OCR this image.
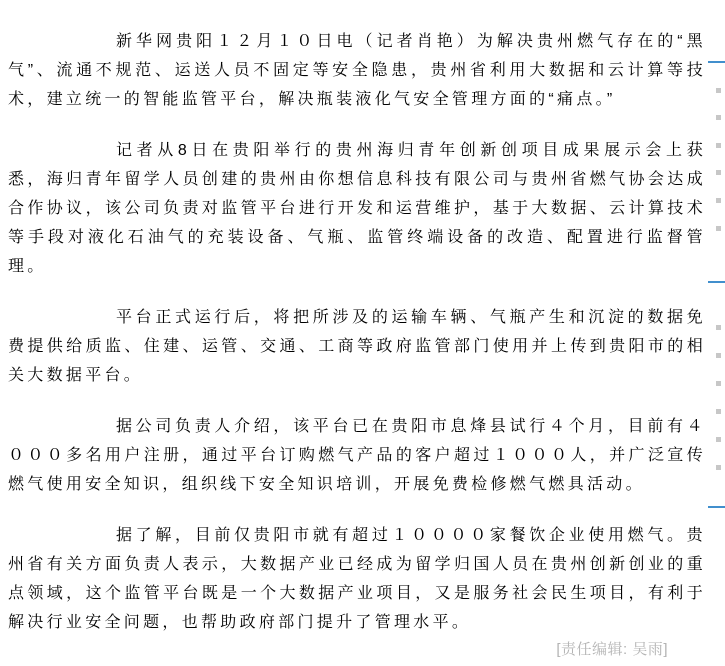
新华网贵阳１２月１０日电（记者肖艳）为解决贵州燃气存在的“黑气”、流通不规范、运送人员不固定等安全隐患，贵州省利用大数据和云计算等技术，建立统一的智能监管平台，解决瓶装液化气安全管理方面的“痛点。”

记者从8日在贵阳举行的贵州海归青年创新创项目成果展示会上获悉，海归青年留学人员创建的贵州由你想信息科技有限公司与贵州省燃气协会达成合作协议，该公司负责对监管平台进行开发和运营维护，基于大数据、云计算技术等手段对液化石油气的充装设备、气瓶、监管终端设备的改造、配置进行监督管理。

平台正式运行后，将把所涉及的运输车辆、气瓶产生和沉淀的数据免费提供给质监、住建、运管、交通、工商等政府监管部门使用并上传到贵阳市的相关大数据平台。

据公司负责人介绍，该平台已在贵阳市息烽县试行４个月，目前有４０００多名用户注册，通过平台订购燃气产品的客户超过１０００人，并广泛宣传燃气使用安全知识，组织线下安全知识培训，开展免费检修燃气燃具活动。

据了解，目前仅贵阳市就有超过１００００家餐饮企业使用燃气。贵州省有关方面负责人表示，大数据产业已经成为留学归国人员在贵州创新创业的重点领域，这个监管平台既是一个大数据产业项目，又是服务社会民生项目，有利于解决行业安全问题，也帮助政府部门提升了管理水平。

[责任编辑: 吴雨]
